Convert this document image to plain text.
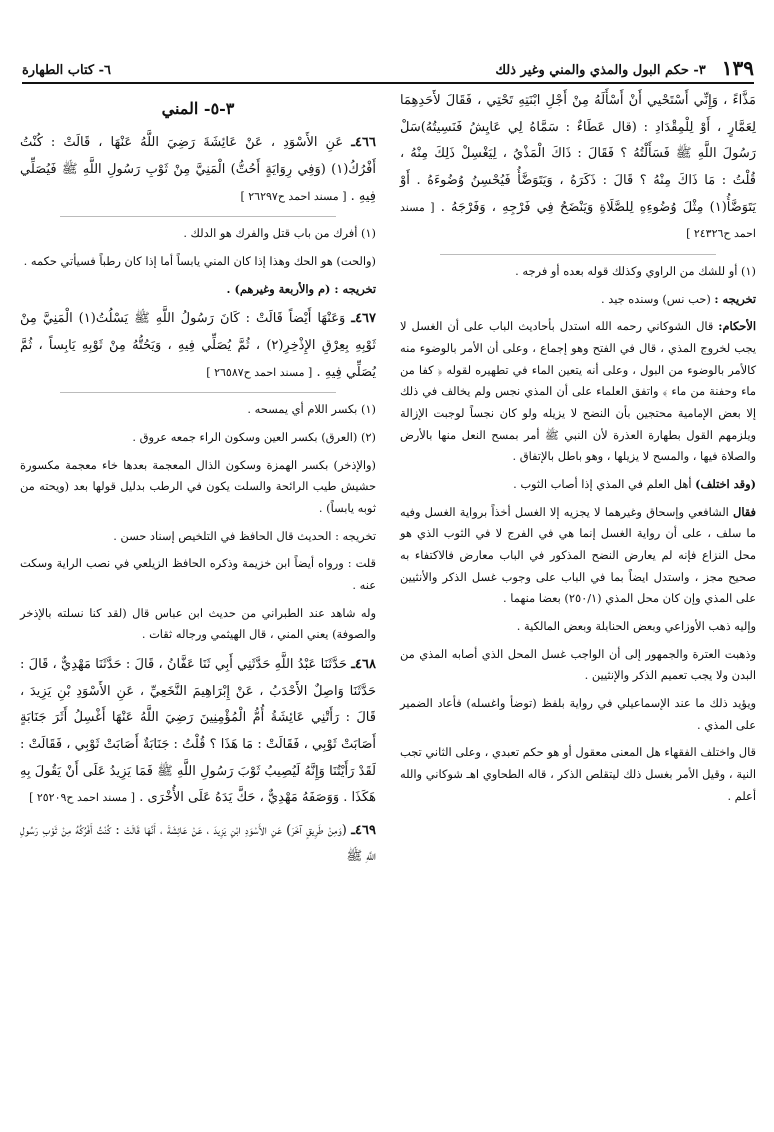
١٣٩
٣- حكم البول والمذي والمني وغير ذلك
٦- كتاب الطهارة

مَذَّاءً ، وَإِنِّي أَسْتَحْيي أَنْ أَسْأَلَهُ مِنْ أَجْلِ ابْنَتِهِ تَحْتِي ، فَقَالَ لأَحَدِهِمَا لِعَمَّارٍ ، أَوْ لِلْمِقْدَادِ : (قال عَطَاءٌ : سَمَّاهُ لِي عَايِشُ فَنَسِيتُهُ)سَلْ رَسُولَ اللَّهِ ﷺ فَسَأَلْتُهُ ؟ فَقَالَ : ذَاكَ الْمَذْيُ ، لِيَغْسِلْ ذَلِكَ مِنْهُ ، قُلْتُ : مَا ذَاكَ مِنْهُ ؟ قَالَ : ذَكَرَهُ ، وَيَتَوَضَّأُ فَيُحْسِنُ وُضُوءَهُ . أَوْ يَتَوَضَّأُ(١) مِثْلَ وُضُوءِهِ لِلصَّلَاةِ وَيَنْضَحُ فِي فَرْجِهِ ، وَفَرْجَهُ . [ مسند احمد ح٢٤٣٢٦ ]

(١) أو للشك من الراوي وكذلك قوله بعده أو فرجه .

تخريجه : (حب نس) وسنده جيد .

الأحكام: قال الشوكاني رحمه الله استدل بأحاديث الباب على أن الغسل لا يجب لخروج المذي ، قال في الفتح وهو إجماع ، وعلى أن الأمر بالوضوء منه كالأمر بالوضوء من البول ، وعلى أنه يتعين الماء في تطهيره لقوله ﴿ كفا من ماء وحفنة من ماء ﴾ واتفق العلماء على أن المذي نجس ولم يخالف في ذلك إلا بعض الإمامية محتجين بأن النضح لا يزيله ولو كان نجساً لوجبت الإزالة ويلزمهم القول بطهارة العذرة لأن النبي ﷺ أمر بمسح النعل منها بالأرض والصلاة فيها ، والمسح لا يزيلها ، وهو باطل بالإتفاق .

(وقد اختلف) أهل العلم في المذي إذا أصاب الثوب .

فقال الشافعي وإسحاق وغيرهما لا يجزيه إلا الغسل أخذاً برواية الغسل وفيه ما سلف ، على أن رواية الغسل إنما هي في الفرج لا في الثوب الذي هو محل النزاع فإنه لم يعارض النضح المذكور في الباب معارض فالاكتفاء به صحيح مجز ، واستدل ايضاً بما في الباب على وجوب غسل الذكر والأنثيين على المذي وإن كان محل المذي (٢٥٠/١) بعضا منهما .

وإليه ذهب الأوزاعي وبعض الحنابلة وبعض المالكية .

وذهبت العترة والجمهور إلى أن الواجب غسل المحل الذي أصابه المذي من البدن ولا يجب تعميم الذكر والإنثيين .

ويؤيد ذلك ما عند الإسماعيلي في رواية بلفظ (توضأ واغسله) فأعاد الضمير على المذي .

قال واختلف الفقهاء هل المعنى معقول أو هو حكم تعبدي ، وعلى الثاني تجب النية ، وقيل الأمر بغسل ذلك ليتقلص الذكر ، قاله الطحاوي اهـ شوكاني والله أعلم .

٣-٥- المني

٤٦٦ـ عَنِ الأَسْوَدِ ، عَنْ عَائِشَةَ رَضِيَ اللَّهُ عَنْهَا ، قَالَتْ : كُنْتُ أَفْرُكُ(١) (وَفِي رِوَايَةٍ أَحُتُّ) الْمَنِيَّ مِنْ ثَوْبِ رَسُولِ اللَّهِ ﷺ فَيُصَلِّي فِيهِ . [ مسند احمد ح٢٦٢٩٧ ]

(١) أفرك من باب قتل والفرك هو الدلك .

(والحت) هو الحك وهذا إذا كان المني يابساً أما إذا كان رطباً فسيأتي حكمه .

تخريجه : (م والأربعة وغيرهم) .

٤٦٧ـ وَعَنْهَا أَيْضاً قَالَتْ : كَانَ رَسُولُ اللَّهِ ﷺ يَسْلُتُ(١) الْمَنِيَّ مِنْ ثَوْبِهِ بِعِرْقِ الإِذْخِرِ(٢) ، ثُمَّ يُصَلِّي فِيهِ ، وَيَحُتُّهُ مِنْ ثَوْبِهِ يَابِساً ، ثُمَّ يُصَلِّي فِيهِ . [ مسند احمد ح٢٦٥٨٧ ]

(١) بكسر اللام أي يمسحه .

(٢) (العرق) بكسر العين وسكون الراء جمعه عروق .

(والإذخر) بكسر الهمزة وسكون الذال المعجمة بعدها خاء معجمة مكسورة حشيش طيب الرائحة والسلت يكون في الرطب بدليل قولها بعد (ويحته من ثوبه يابساً) .

تخريجه : الحديث قال الحافظ في التلخيص إسناد حسن .

قلت : ورواه أيضاً ابن خزيمة وذكره الحافظ الزيلعي في نصب الراية وسكت عنه .

وله شاهد عند الطبراني من حديث ابن عباس قال (لقد كنا نسلته بالإذخر والصوفة) يعني المني ، قال الهيثمي ورجاله ثقات .

٤٦٨ـ حَدَّثَنَا عَبْدُ اللَّهِ حَدَّثَنِي أَبِي ثَنَا عَفَّانُ ، قَالَ : حَدَّثَنَا مَهْدِيٌّ ، قَالَ : حَدَّثَنَا وَاصِلٌ الأَحْدَبُ ، عَنْ إِبْرَاهِيمَ النَّخَعِيِّ ، عَنِ الأَسْوَدِ بْنِ يَزِيدَ ، قَالَ : رَأَتْنِي عَائِشَةُ أُمُّ الْمُؤْمِنِينَ رَضِيَ اللَّهُ عَنْهَا أَغْسِلُ أَثَرَ جَنَابَةٍ أَصَابَتْ ثَوْبِي ، فَقَالَتْ : مَا هَذَا ؟ قُلْتُ : جَنَابَةٌ أَصَابَتْ ثَوْبِي ، فَقَالَتْ : لَقَدْ رَأَيْتُنَا وَإِنَّهُ لَيُصِيبُ ثَوْبَ رَسُولِ اللَّهِ ﷺ فَمَا يَزِيدُ عَلَى أَنْ يَقُولَ بِهِ هَكَذَا . وَوَصَفَهُ مَهْدِيٌّ ، حَكَّ يَدَهُ عَلَى الأُخْرَى . [ مسند احمد ح٢٥٢٠٩ ]

٤٦٩ـ (وَمِنْ طَرِيقٍ آخَرَ) عَنِ الأَسْوَدِ ابْنِ يَزِيدَ ، عَنْ عَائِشَةَ ، أَنَّهَا قَالَتْ : كُنْتُ أَفْرُكُهُ مِنْ ثَوْبِ رَسُولِ اللَّهِ ﷺ
